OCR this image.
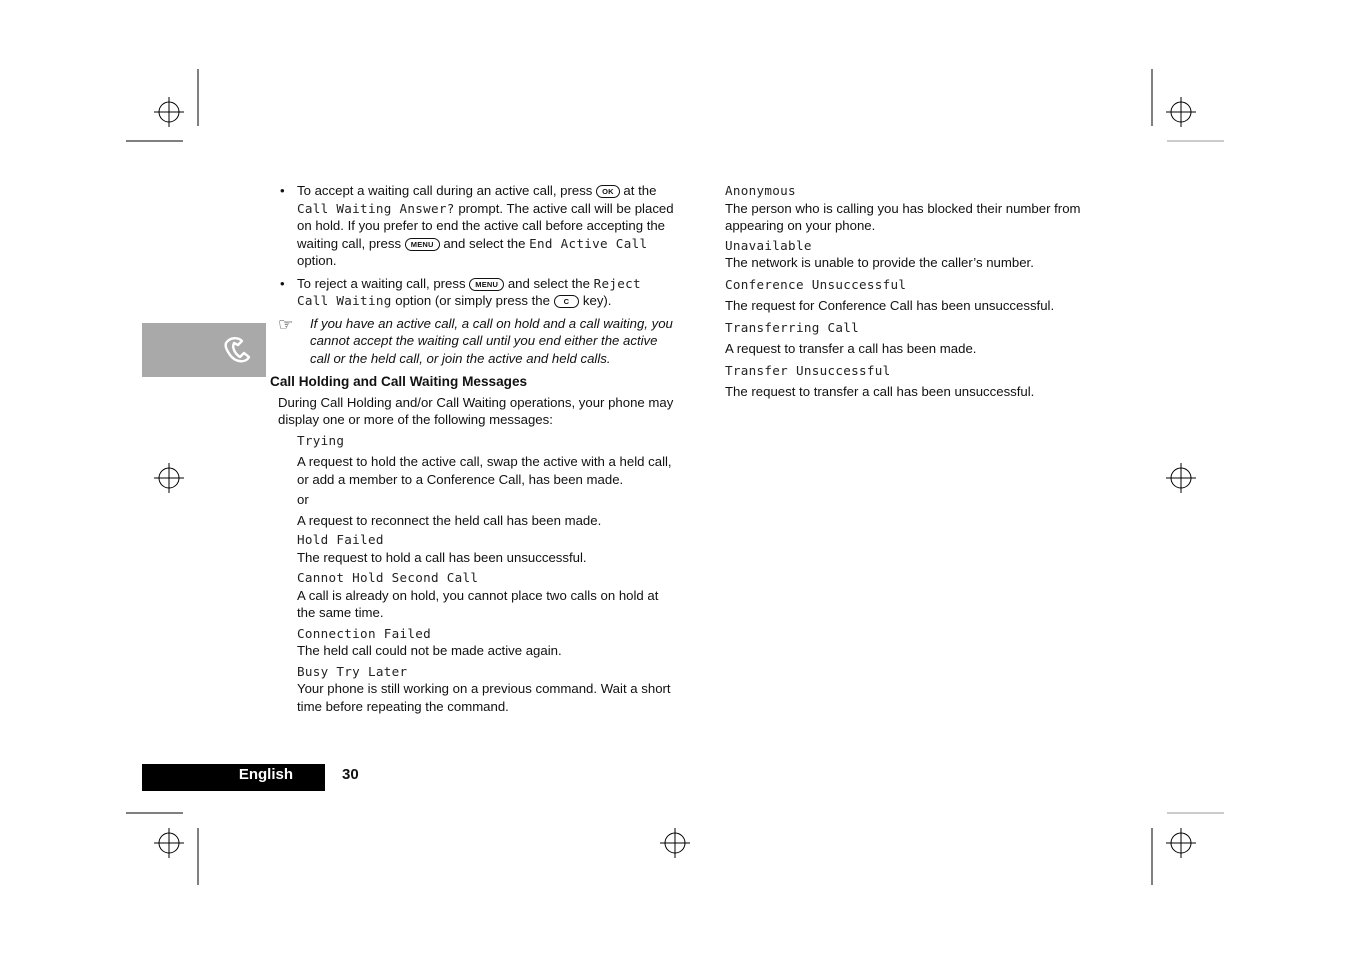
• To accept a waiting call during an active call, press OK at the Call Waiting Answer? prompt. The active call will be placed on hold. If you prefer to end the active call before accepting the waiting call, press MENU and select the End Active Call option.
• To reject a waiting call, press MENU and select the Reject Call Waiting option (or simply press the C key).
☞ If you have an active call, a call on hold and a call waiting, you cannot accept the waiting call until you end either the active call or the held call, or join the active and held calls.
Call Holding and Call Waiting Messages

During Call Holding and/or Call Waiting operations, your phone may display one or more of the following messages:

Trying

A request to hold the active call, swap the active with a held call, or add a member to a Conference Call, has been made.

or

A request to reconnect the held call has been made.

Hold Failed

The request to hold a call has been unsuccessful.

Cannot Hold Second Call

A call is already on hold, you cannot place two calls on hold at the same time.

Connection Failed

The held call could not be made active again.

Busy Try Later

Your phone is still working on a previous command. Wait a short time before repeating the command.

Anonymous

The person who is calling you has blocked their number from appearing on your phone.

Unavailable

The network is unable to provide the caller’s number.

Conference Unsuccessful

The request for Conference Call has been unsuccessful.

Transferring Call

A request to transfer a call has been made.

Transfer Unsuccessful

The request to transfer a call has been unsuccessful.

English	30
